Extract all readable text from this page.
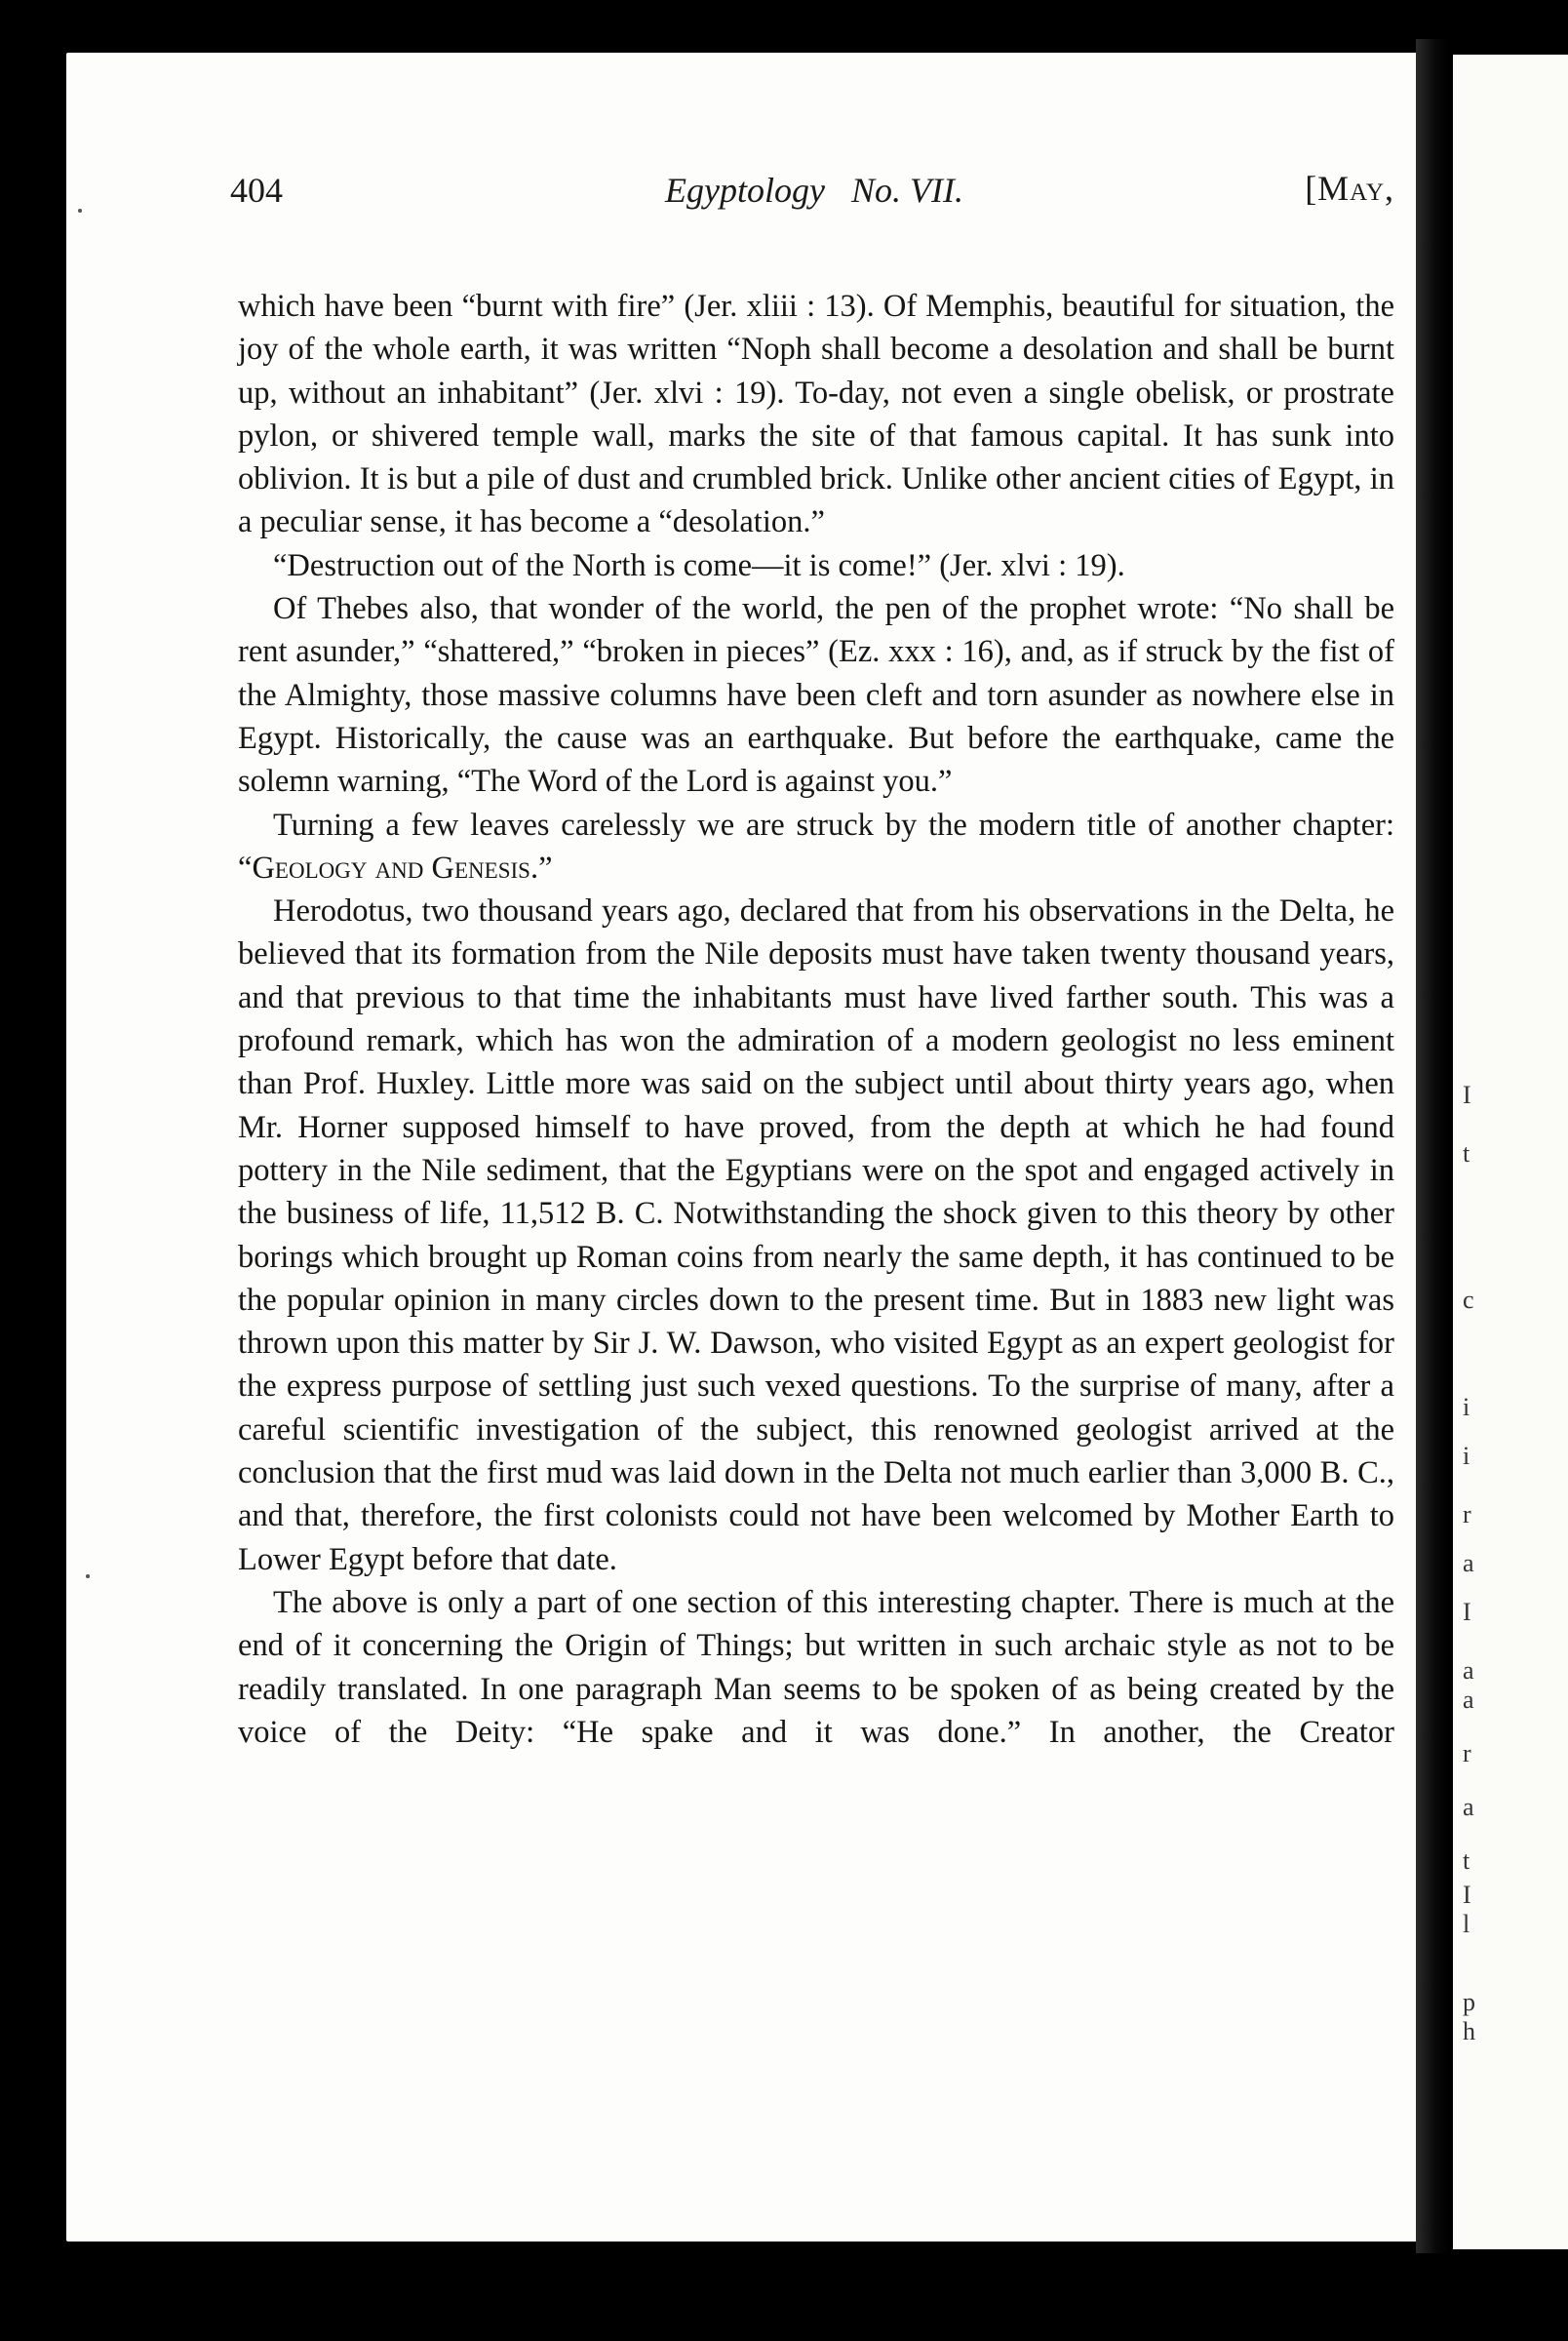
404	Egyptology   No. VII.	[May,

which have been “burnt with fire” (Jer. xliii : 13). Of Memphis, beautiful for situation, the joy of the whole earth, it was written “Noph shall become a desolation and shall be burnt up, without an inhabitant” (Jer. xlvi : 19). To-day, not even a single obelisk, or prostrate pylon, or shivered temple wall, marks the site of that famous capital. It has sunk into oblivion. It is but a pile of dust and crumbled brick. Unlike other ancient cities of Egypt, in a peculiar sense, it has become a “desolation.”

“Destruction out of the North is come—it is come!” (Jer. xlvi : 19).

Of Thebes also, that wonder of the world, the pen of the prophet wrote: “No shall be rent asunder,” “shattered,” “broken in pieces” (Ez. xxx : 16), and, as if struck by the fist of the Almighty, those massive columns have been cleft and torn asunder as nowhere else in Egypt. Historically, the cause was an earthquake. But before the earthquake, came the solemn warning, “The Word of the Lord is against you.”

Turning a few leaves carelessly we are struck by the modern title of another chapter: “Geology and Genesis.”

Herodotus, two thousand years ago, declared that from his observations in the Delta, he believed that its formation from the Nile deposits must have taken twenty thousand years, and that previous to that time the inhabitants must have lived farther south. This was a profound remark, which has won the admiration of a modern geologist no less eminent than Prof. Huxley. Little more was said on the subject until about thirty years ago, when Mr. Horner supposed himself to have proved, from the depth at which he had found pottery in the Nile sediment, that the Egyptians were on the spot and engaged actively in the business of life, 11,512 B. C. Notwithstanding the shock given to this theory by other borings which brought up Roman coins from nearly the same depth, it has continued to be the popular opinion in many circles down to the present time. But in 1883 new light was thrown upon this matter by Sir J. W. Dawson, who visited Egypt as an expert geologist for the express purpose of settling just such vexed questions. To the surprise of many, after a careful scientific investigation of the subject, this renowned geologist arrived at the conclusion that the first mud was laid down in the Delta not much earlier than 3,000 B. C., and that, therefore, the first colonists could not have been welcomed by Mother Earth to Lower Egypt before that date.

The above is only a part of one section of this interesting chapter. There is much at the end of it concerning the Origin of Things; but written in such archaic style as not to be readily translated. In one paragraph Man seems to be spoken of as being created by the voice of the Deity: “He spake and it was done.” In another, the Creator

I
t
c
i
i
r
a
I
a
a
r
a
t
I
l
p
h
